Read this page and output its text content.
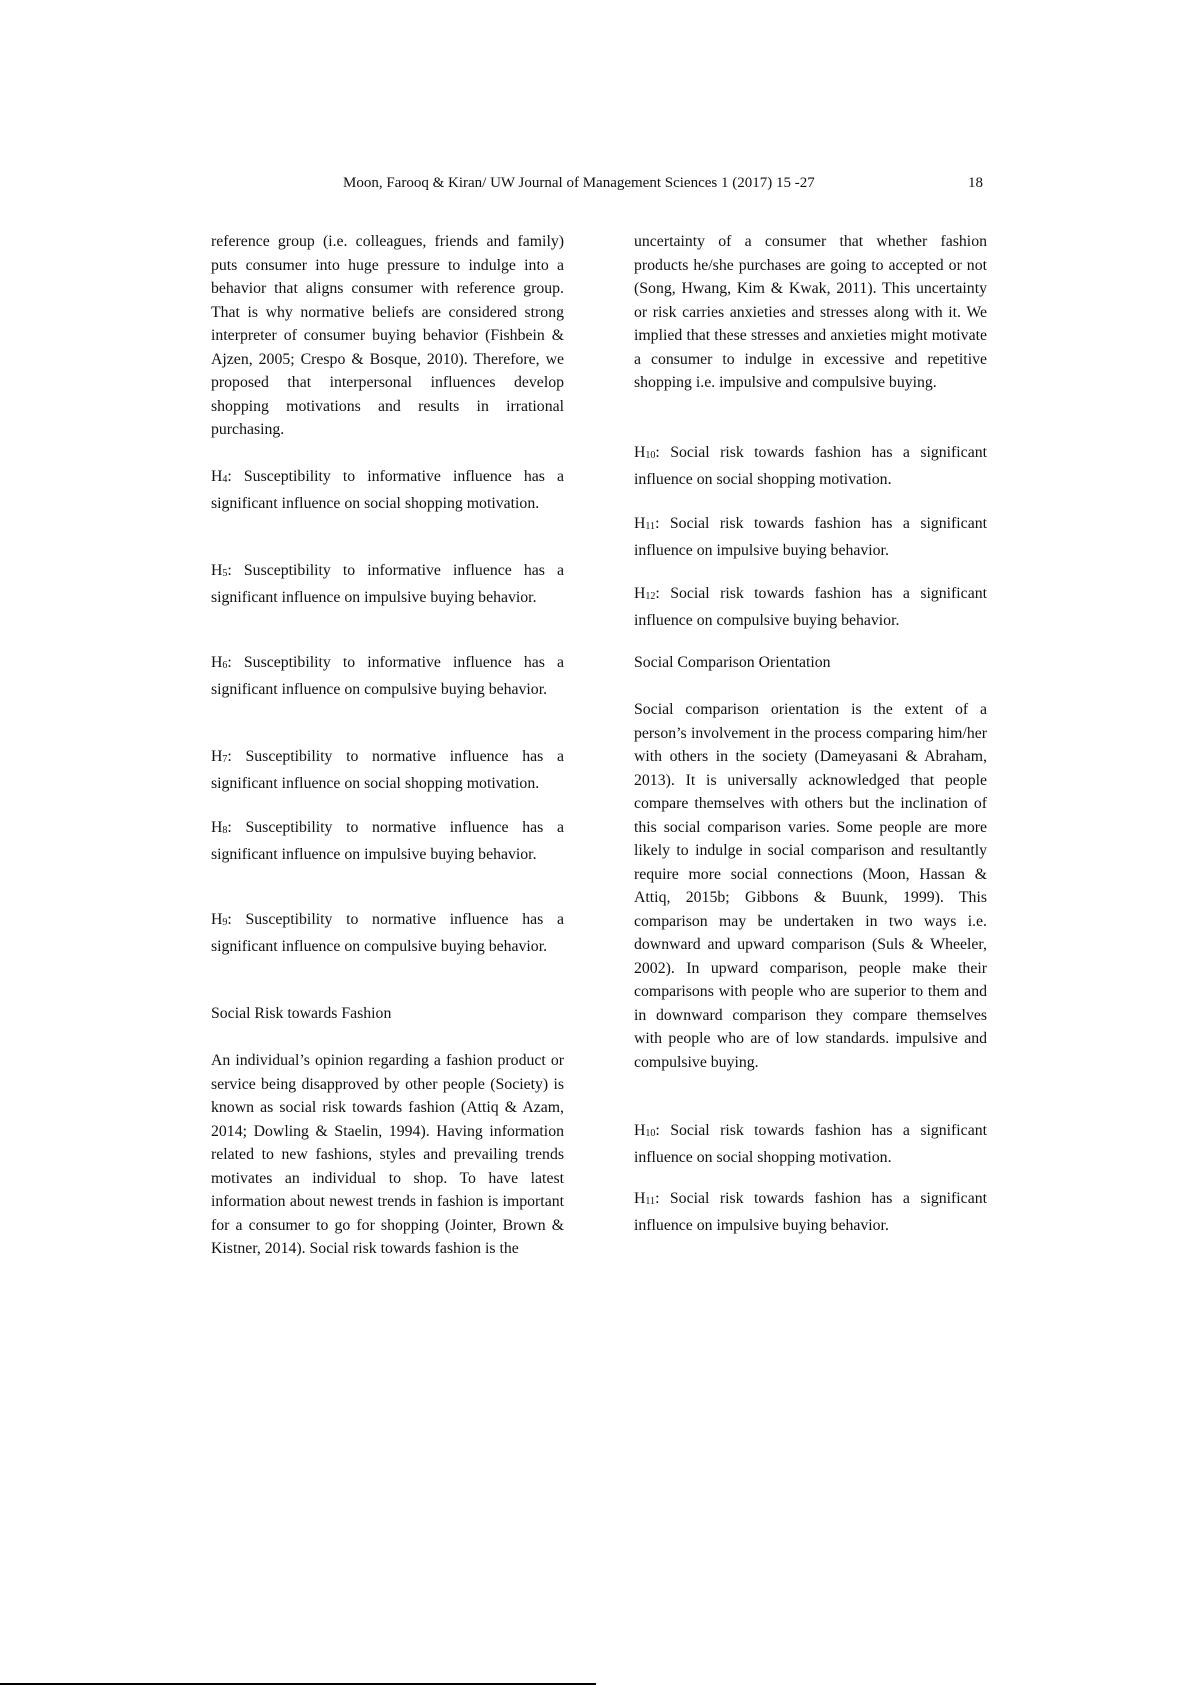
Moon, Farooq & Kiran/ UW Journal of Management Sciences 1 (2017) 15 -27	18
reference group (i.e. colleagues, friends and family) puts consumer into huge pressure to indulge into a behavior that aligns consumer with reference group. That is why normative beliefs are considered strong interpreter of consumer buying behavior (Fishbein & Ajzen, 2005; Crespo & Bosque, 2010). Therefore, we proposed that interpersonal influences develop shopping motivations and results in irrational purchasing.
$H_4$: Susceptibility to informative influence has a significant influence on social shopping motivation.
$H_5$: Susceptibility to informative influence has a significant influence on impulsive buying behavior.
$H_6$: Susceptibility to informative influence has a significant influence on compulsive buying behavior.
$H_7$: Susceptibility to normative influence has a significant influence on social shopping motivation.
$H_8$: Susceptibility to normative influence has a significant influence on impulsive buying behavior.
$H_9$: Susceptibility to normative influence has a significant influence on compulsive buying behavior.
Social Risk towards Fashion
An individual’s opinion regarding a fashion product or service being disapproved by other people (Society) is known as social risk towards fashion (Attiq & Azam, 2014; Dowling & Staelin, 1994). Having information related to new fashions, styles and prevailing trends motivates an individual to shop. To have latest information about newest trends in fashion is important for a consumer to go for shopping (Jointer, Brown & Kistner, 2014). Social risk towards fashion is the
uncertainty of a consumer that whether fashion products he/she purchases are going to accepted or not (Song, Hwang, Kim & Kwak, 2011). This uncertainty or risk carries anxieties and stresses along with it. We implied that these stresses and anxieties might motivate a consumer to indulge in excessive and repetitive shopping i.e. impulsive and compulsive buying.
$H_{10}$: Social risk towards fashion has a significant influence on social shopping motivation.
$H_{11}$: Social risk towards fashion has a significant influence on impulsive buying behavior.
$H_{12}$: Social risk towards fashion has a significant influence on compulsive buying behavior.
Social Comparison Orientation
Social comparison orientation is the extent of a person’s involvement in the process comparing him/her with others in the society (Dameyasani & Abraham, 2013). It is universally acknowledged that people compare themselves with others but the inclination of this social comparison varies. Some people are more likely to indulge in social comparison and resultantly require more social connections (Moon, Hassan & Attiq, 2015b; Gibbons & Buunk, 1999). This comparison may be undertaken in two ways i.e. downward and upward comparison (Suls & Wheeler, 2002). In upward comparison, people make their comparisons with people who are superior to them and in downward comparison they compare themselves with people who are of low standards. impulsive and compulsive buying.
$H_{10}$: Social risk towards fashion has a significant influence on social shopping motivation.
$H_{11}$: Social risk towards fashion has a significant influence on impulsive buying behavior.
